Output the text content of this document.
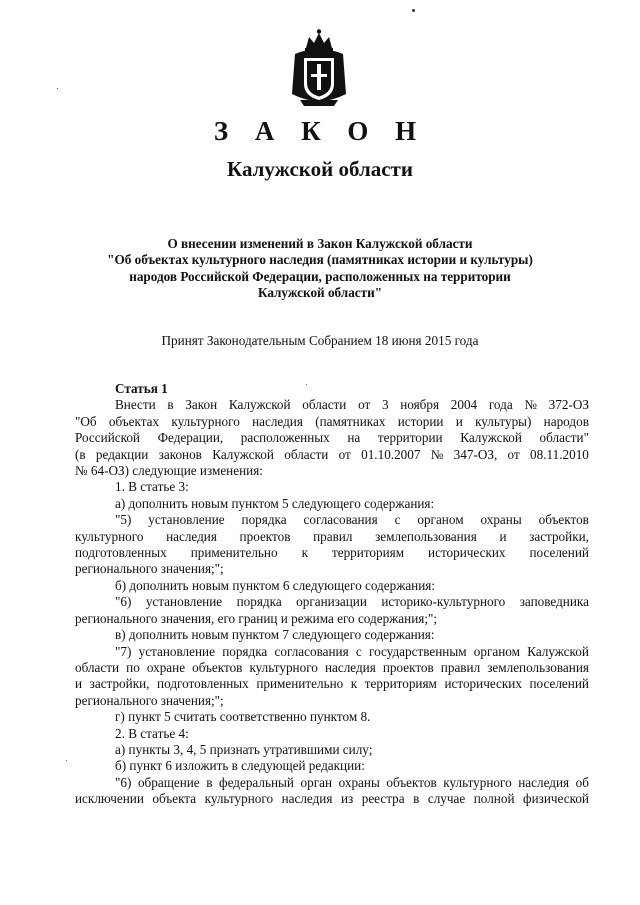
З А К О Н
Калужской области
О внесении изменений в Закон Калужской области
"Об объектах культурного наследия (памятниках истории и культуры)
народов Российской Федерации, расположенных на территории
Калужской области"
Принят Законодательным Собранием 18 июня 2015 года
Статья 1
Внести в Закон Калужской области от 3 ноября 2004 года № 372-ОЗ
"Об объектах культурного наследия (памятниках истории и культуры) народов
Российской Федерации, расположенных на территории Калужской области"
(в редакции законов Калужской области от 01.10.2007 № 347-ОЗ, от 08.11.2010
№ 64-ОЗ) следующие изменения:
1. В статье 3:
а) дополнить новым пунктом 5 следующего содержания:
"5) установление порядка согласования с органом охраны объектов
культурного наследия проектов правил землепользования и застройки,
подготовленных применительно к территориям исторических поселений
регионального значения;";
б) дополнить новым пунктом 6 следующего содержания:
"6) установление порядка организации историко-культурного заповедника
регионального значения, его границ и режима его содержания;";
в) дополнить новым пунктом 7 следующего содержания:
"7) установление порядка согласования с государственным органом Калужской
области по охране объектов культурного наследия проектов правил землепользования
и застройки, подготовленных применительно к территориям исторических поселений
регионального значения;";
г) пункт 5 считать соответственно пунктом 8.
2. В статье 4:
а) пункты 3, 4, 5 признать утратившими силу;
б) пункт 6 изложить в следующей редакции:
"6) обращение в федеральный орган охраны объектов культурного наследия об
исключении объекта культурного наследия из реестра в случае полной физической
